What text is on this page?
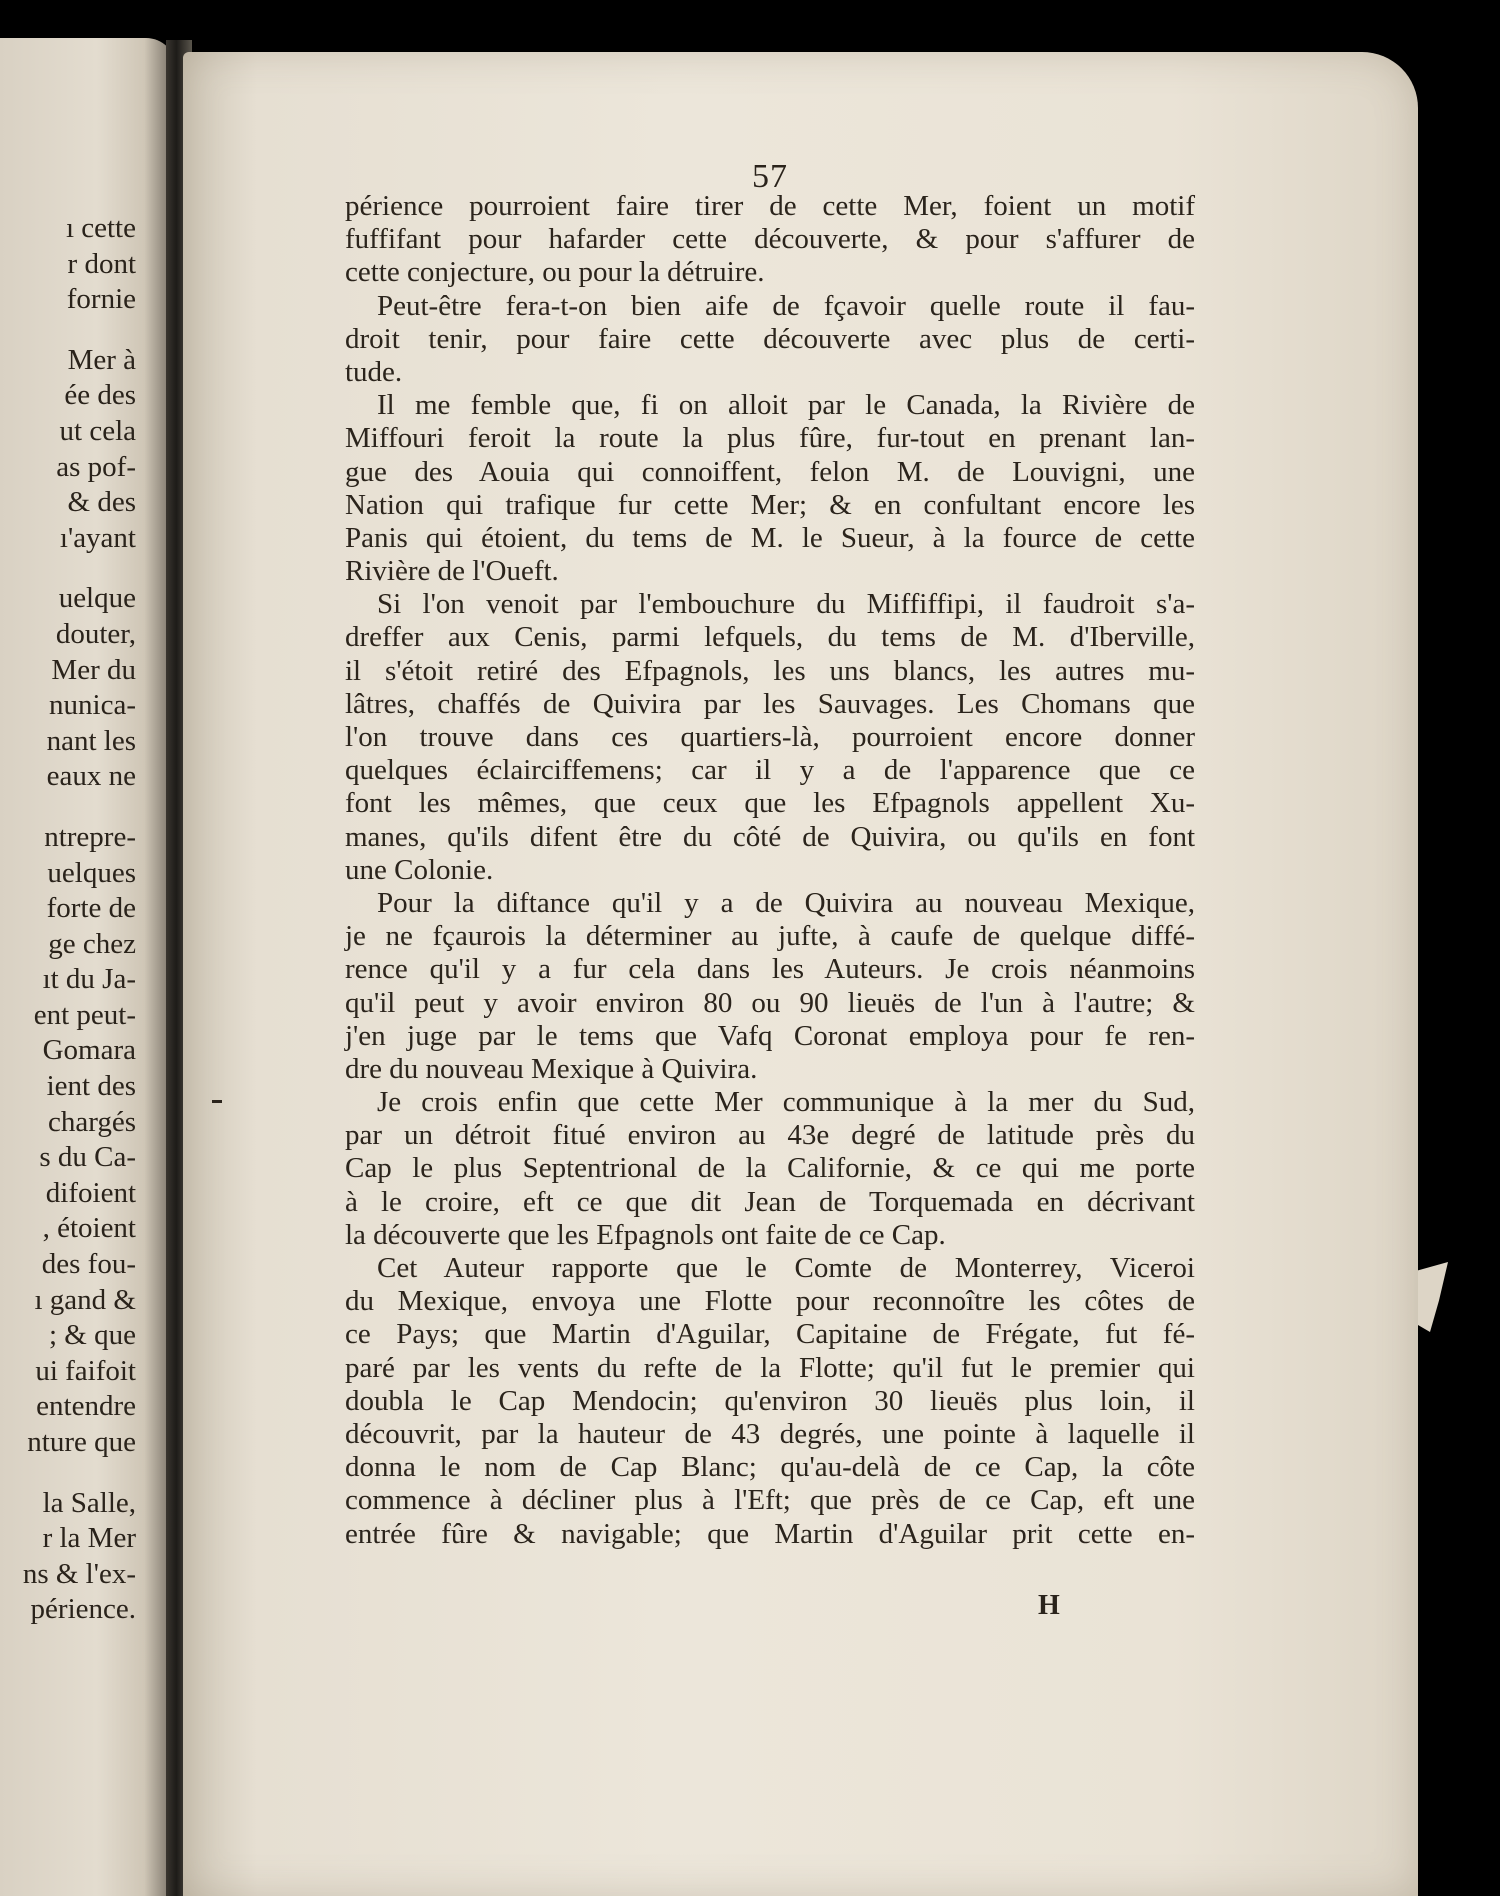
ı cette
r dont
fornie
Mer à
ée des
ut cela
as pof-
& des
ı'ayant
uelque
douter,
Mer du
nunica-
nant les
eaux ne
ntrepre-
uelques
forte de
ge chez
ıt du Ja-
ent peut-
Gomara
ient des
chargés
s du Ca-
difoient
, étoient
des fou-
ı gand &
; & que
ui faifoit
entendre
nture que
la Salle,
r la Mer
ns & l'ex-
périence.
57
périence pourroient faire tirer de cette Mer, foient un motif
fuffifant pour hafarder cette découverte, & pour s'affurer de
cette conjecture, ou pour la détruire.
Peut-être fera-t-on bien aife de fçavoir quelle route il fau-
droit tenir, pour faire cette découverte avec plus de certi-
tude.
Il me femble que, fi on alloit par le Canada, la Rivière de
Miffouri feroit la route la plus fûre, fur-tout en prenant lan-
gue des Aouia qui connoiffent, felon M. de Louvigni, une
Nation qui trafique fur cette Mer; & en confultant encore les
Panis qui étoient, du tems de M. le Sueur, à la fource de cette
Rivière de l'Oueft.
Si l'on venoit par l'embouchure du Miffiffipi, il faudroit s'a-
dreffer aux Cenis, parmi lefquels, du tems de M. d'Iberville,
il s'étoit retiré des Efpagnols, les uns blancs, les autres mu-
lâtres, chaffés de Quivira par les Sauvages. Les Chomans que
l'on trouve dans ces quartiers-là, pourroient encore donner
quelques éclairciffemens; car il y a de l'apparence que ce
font les mêmes, que ceux que les Efpagnols appellent Xu-
manes, qu'ils difent être du côté de Quivira, ou qu'ils en font
une Colonie.
Pour la diftance qu'il y a de Quivira au nouveau Mexique,
je ne fçaurois la déterminer au jufte, à caufe de quelque diffé-
rence qu'il y a fur cela dans les Auteurs. Je crois néanmoins
qu'il peut y avoir environ 80 ou 90 lieuës de l'un à l'autre; &
j'en juge par le tems que Vafq Coronat employa pour fe ren-
dre du nouveau Mexique à Quivira.
Je crois enfin que cette Mer communique à la mer du Sud,
par un détroit fitué environ au 43e degré de latitude près du
Cap le plus Septentrional de la Californie, & ce qui me porte
à le croire, eft ce que dit Jean de Torquemada en décrivant
la découverte que les Efpagnols ont faite de ce Cap.
Cet Auteur rapporte que le Comte de Monterrey, Viceroi
du Mexique, envoya une Flotte pour reconnoître les côtes de
ce Pays; que Martin d'Aguilar, Capitaine de Frégate, fut fé-
paré par les vents du refte de la Flotte; qu'il fut le premier qui
doubla le Cap Mendocin; qu'environ 30 lieuës plus loin, il
découvrit, par la hauteur de 43 degrés, une pointe à laquelle il
donna le nom de Cap Blanc; qu'au-delà de ce Cap, la côte
commence à décliner plus à l'Eft; que près de ce Cap, eft une
entrée fûre & navigable; que Martin d'Aguilar prit cette en-
H
